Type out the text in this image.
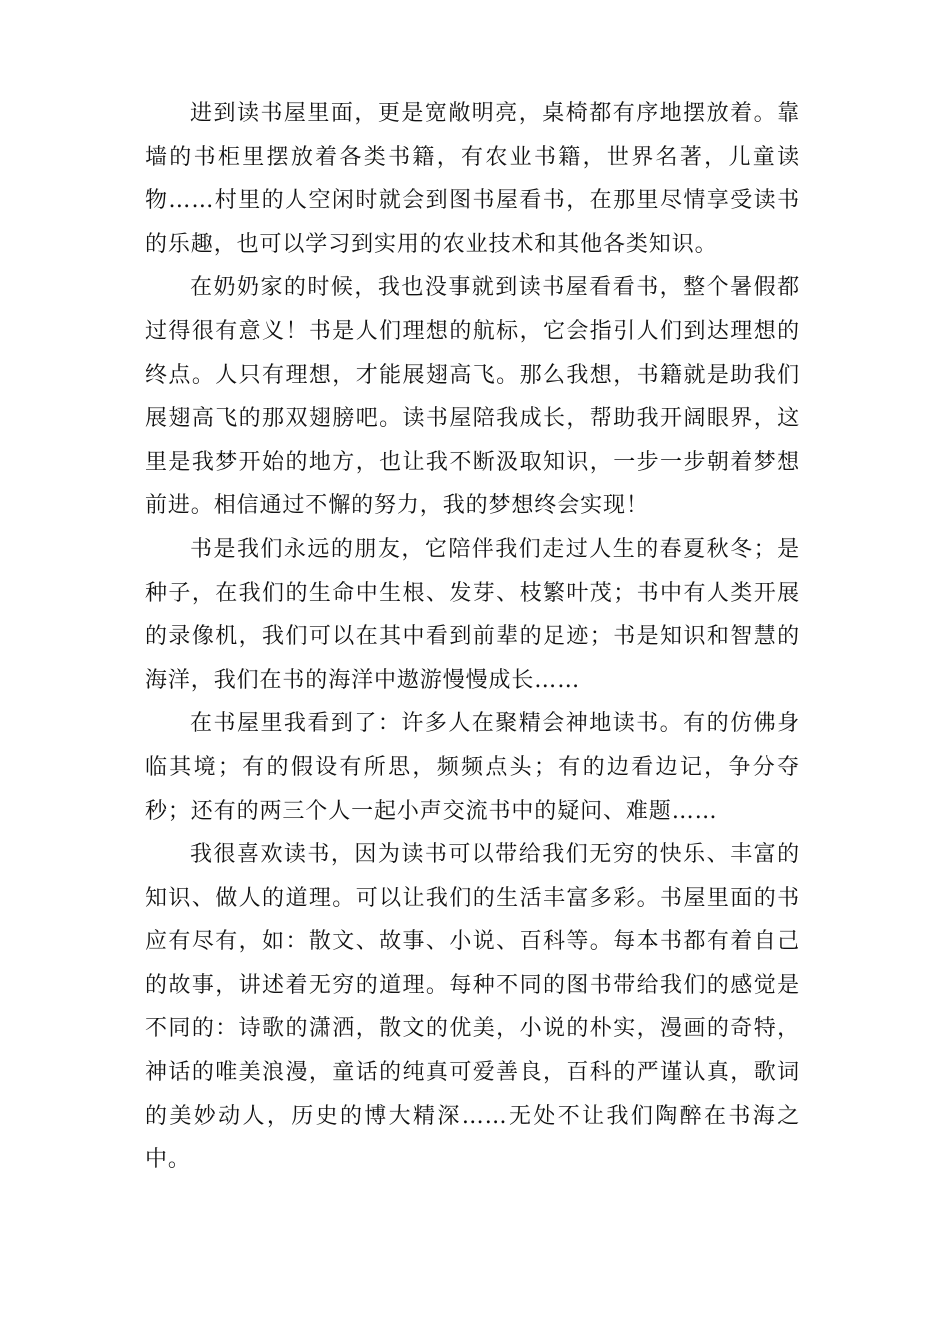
进到读书屋里面，更是宽敞明亮，桌椅都有序地摆放着。靠墙的书柜里摆放着各类书籍，有农业书籍，世界名著，儿童读物……村里的人空闲时就会到图书屋看书，在那里尽情享受读书的乐趣，也可以学习到实用的农业技术和其他各类知识。

在奶奶家的时候，我也没事就到读书屋看看书，整个暑假都过得很有意义！书是人们理想的航标，它会指引人们到达理想的终点。人只有理想，才能展翅高飞。那么我想，书籍就是助我们展翅高飞的那双翅膀吧。读书屋陪我成长，帮助我开阔眼界，这里是我梦开始的地方，也让我不断汲取知识，一步一步朝着梦想前进。相信通过不懈的努力，我的梦想终会实现！

书是我们永远的朋友，它陪伴我们走过人生的春夏秋冬；是种子，在我们的生命中生根、发芽、枝繁叶茂；书中有人类开展的录像机，我们可以在其中看到前辈的足迹；书是知识和智慧的海洋，我们在书的海洋中遨游慢慢成长……

在书屋里我看到了：许多人在聚精会神地读书。有的仿佛身临其境；有的假设有所思，频频点头；有的边看边记，争分夺秒；还有的两三个人一起小声交流书中的疑问、难题……

我很喜欢读书，因为读书可以带给我们无穷的快乐、丰富的知识、做人的道理。可以让我们的生活丰富多彩。书屋里面的书应有尽有，如：散文、故事、小说、百科等。每本书都有着自己的故事，讲述着无穷的道理。每种不同的图书带给我们的感觉是不同的：诗歌的潇洒，散文的优美，小说的朴实，漫画的奇特，神话的唯美浪漫，童话的纯真可爱善良，百科的严谨认真，歌词的美妙动人，历史的博大精深……无处不让我们陶醉在书海之中。
